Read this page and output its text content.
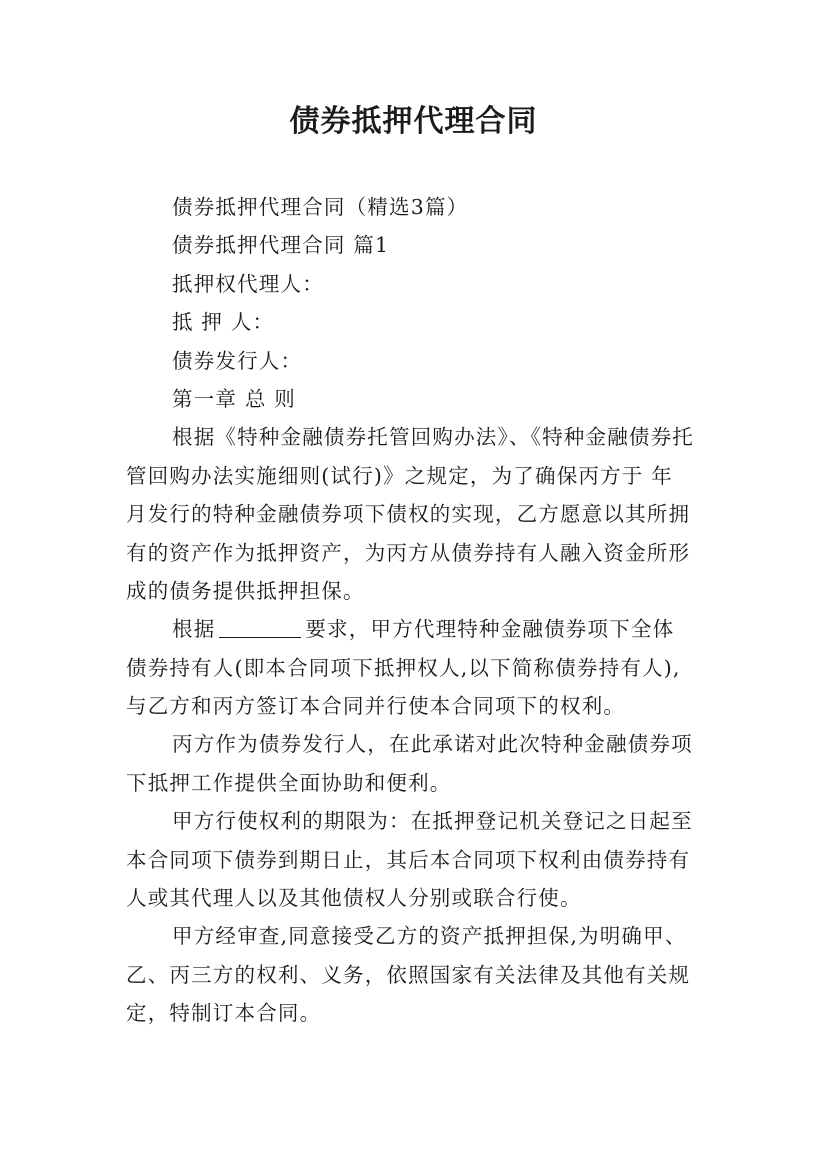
债券抵押代理合同
债券抵押代理合同（精选3篇）
债券抵押代理合同 篇1
抵押权代理人：
抵 押 人：
债券发行人：
第一章 总 则
根据《特种金融债券托管回购办法》、《特种金融债券托
管回购办法实施细则(试行)》之规定，为了确保丙方于 年
月发行的特种金融债券项下债权的实现，乙方愿意以其所拥
有的资产作为抵押资产，为丙方从债券持有人融入资金所形
成的债务提供抵押担保。
根据	要求，甲方代理特种金融债券项下全体
债券持有人(即本合同项下抵押权人,以下简称债券持有人),
与乙方和丙方签订本合同并行使本合同项下的权利。
丙方作为债券发行人，在此承诺对此次特种金融债券项
下抵押工作提供全面协助和便利。
甲方行使权利的期限为：在抵押登记机关登记之日起至
本合同项下债券到期日止，其后本合同项下权利由债券持有
人或其代理人以及其他债权人分别或联合行使。
甲方经审查,同意接受乙方的资产抵押担保,为明确甲、
乙、丙三方的权利、义务，依照国家有关法律及其他有关规
定，特制订本合同。
